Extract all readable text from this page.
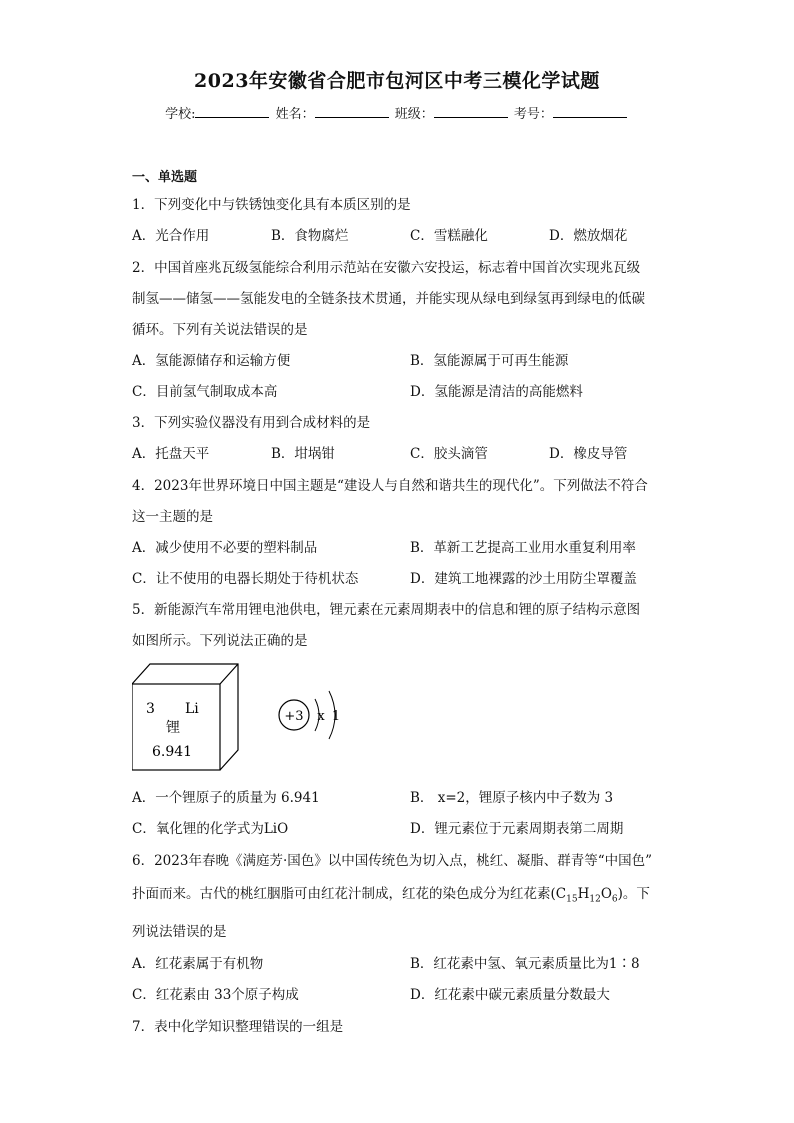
2023年安徽省合肥市包河区中考三模化学试题
学校:	姓名：	班级：	考号：
一、单选题
1．下列变化中与铁锈蚀变化具有本质区别的是
A．光合作用	B．食物腐烂	C．雪糕融化	D．燃放烟花
2．中国首座兆瓦级氢能综合利用示范站在安徽六安投运，标志着中国首次实现兆瓦级
制氢——储氢——氢能发电的全链条技术贯通，并能实现从绿电到绿氢再到绿电的低碳
循环。下列有关说法错误的是
A．氢能源储存和运输方便	B．氢能源属于可再生能源
C．目前氢气制取成本高	D．氢能源是清洁的高能燃料
3．下列实验仪器没有用到合成材料的是
A．托盘天平	B．坩埚钳	C．胶头滴管	D．橡皮导管
4．2023年世界环境日中国主题是“建设人与自然和谐共生的现代化”。下列做法不符合
这一主题的是
A．减少使用不必要的塑料制品	B．革新工艺提高工业用水重复利用率
C．让不使用的电器长期处于待机状态	D．建筑工地裸露的沙土用防尘罩覆盖
5．新能源汽车常用锂电池供电，锂元素在元素周期表中的信息和锂的原子结构示意图
如图所示。下列说法正确的是
3 Li
锂
6.941
+3 x 1
A．一个锂原子的质量为 6.941	B． x=2，锂原子核内中子数为 3
C．氧化锂的化学式为LiO	D．锂元素位于元素周期表第二周期
6．2023年春晚《满庭芳·国色》以中国传统色为切入点，桃红、凝脂、群青等“中国色”
扑面而来。古代的桃红胭脂可由红花汁制成，红花的染色成分为红花素$(C_{15}H_{12}O_6)$。下
列说法错误的是
A．红花素属于有机物	B．红花素中氢、氧元素质量比为1∶8
C．红花素由 33个原子构成	D．红花素中碳元素质量分数最大
7．表中化学知识整理错误的一组是
